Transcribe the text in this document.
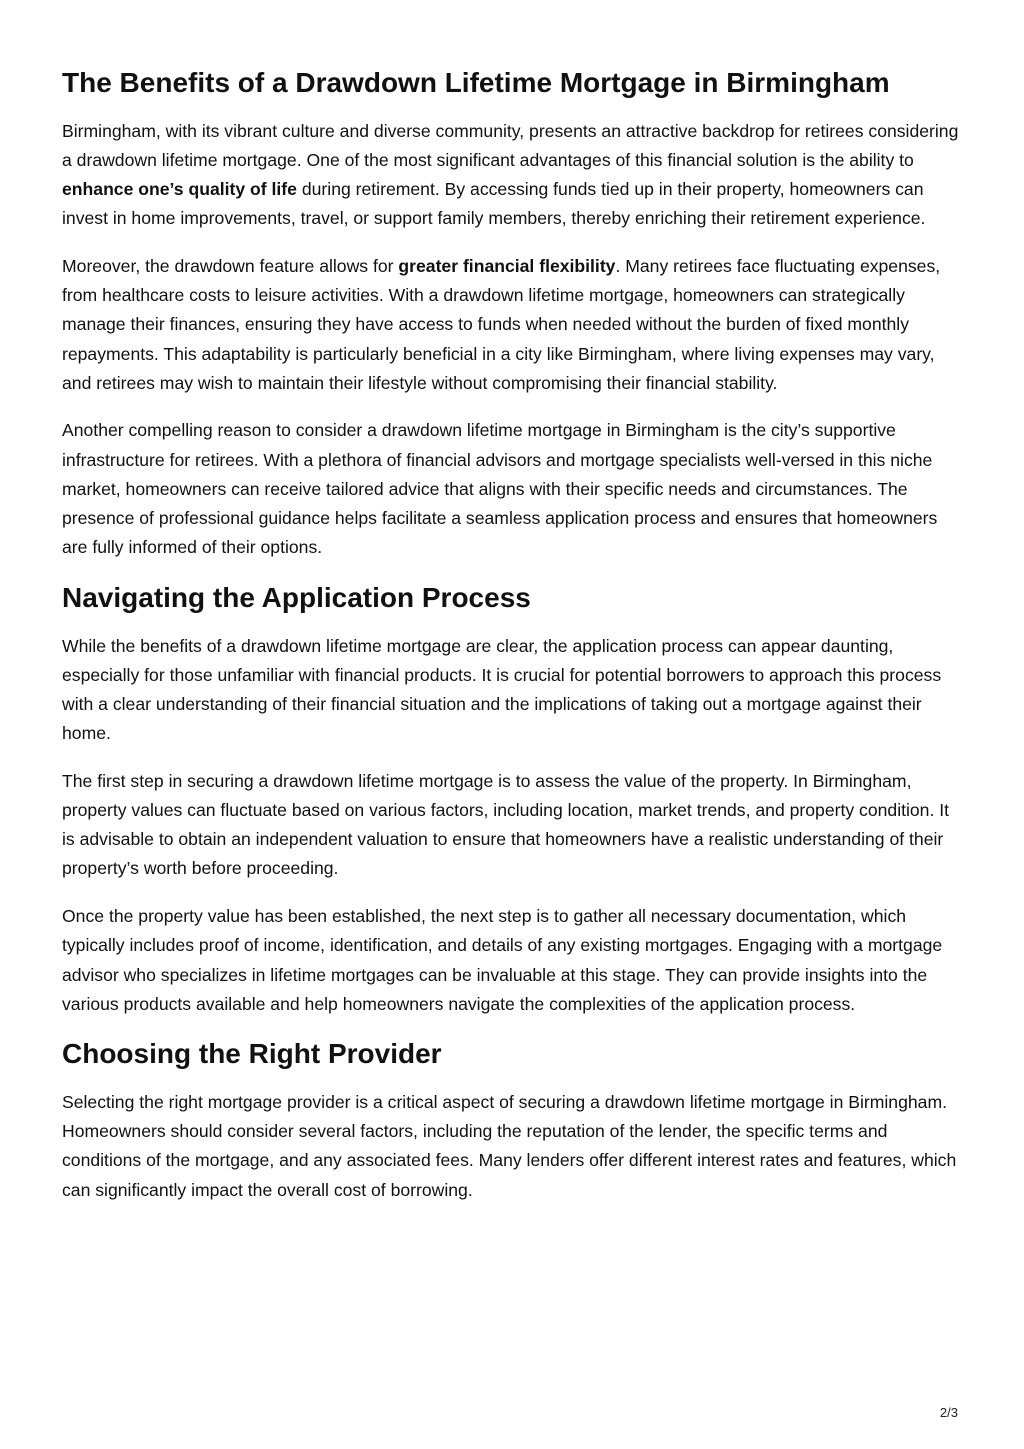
The Benefits of a Drawdown Lifetime Mortgage in Birmingham

Birmingham, with its vibrant culture and diverse community, presents an attractive backdrop for retirees considering a drawdown lifetime mortgage. One of the most significant advantages of this financial solution is the ability to enhance one’s quality of life during retirement. By accessing funds tied up in their property, homeowners can invest in home improvements, travel, or support family members, thereby enriching their retirement experience.

Moreover, the drawdown feature allows for greater financial flexibility. Many retirees face fluctuating expenses, from healthcare costs to leisure activities. With a drawdown lifetime mortgage, homeowners can strategically manage their finances, ensuring they have access to funds when needed without the burden of fixed monthly repayments. This adaptability is particularly beneficial in a city like Birmingham, where living expenses may vary, and retirees may wish to maintain their lifestyle without compromising their financial stability.

Another compelling reason to consider a drawdown lifetime mortgage in Birmingham is the city’s supportive infrastructure for retirees. With a plethora of financial advisors and mortgage specialists well-versed in this niche market, homeowners can receive tailored advice that aligns with their specific needs and circumstances. The presence of professional guidance helps facilitate a seamless application process and ensures that homeowners are fully informed of their options.

Navigating the Application Process

While the benefits of a drawdown lifetime mortgage are clear, the application process can appear daunting, especially for those unfamiliar with financial products. It is crucial for potential borrowers to approach this process with a clear understanding of their financial situation and the implications of taking out a mortgage against their home.

The first step in securing a drawdown lifetime mortgage is to assess the value of the property. In Birmingham, property values can fluctuate based on various factors, including location, market trends, and property condition. It is advisable to obtain an independent valuation to ensure that homeowners have a realistic understanding of their property’s worth before proceeding.

Once the property value has been established, the next step is to gather all necessary documentation, which typically includes proof of income, identification, and details of any existing mortgages. Engaging with a mortgage advisor who specializes in lifetime mortgages can be invaluable at this stage. They can provide insights into the various products available and help homeowners navigate the complexities of the application process.

Choosing the Right Provider

Selecting the right mortgage provider is a critical aspect of securing a drawdown lifetime mortgage in Birmingham. Homeowners should consider several factors, including the reputation of the lender, the specific terms and conditions of the mortgage, and any associated fees. Many lenders offer different interest rates and features, which can significantly impact the overall cost of borrowing.

2/3
